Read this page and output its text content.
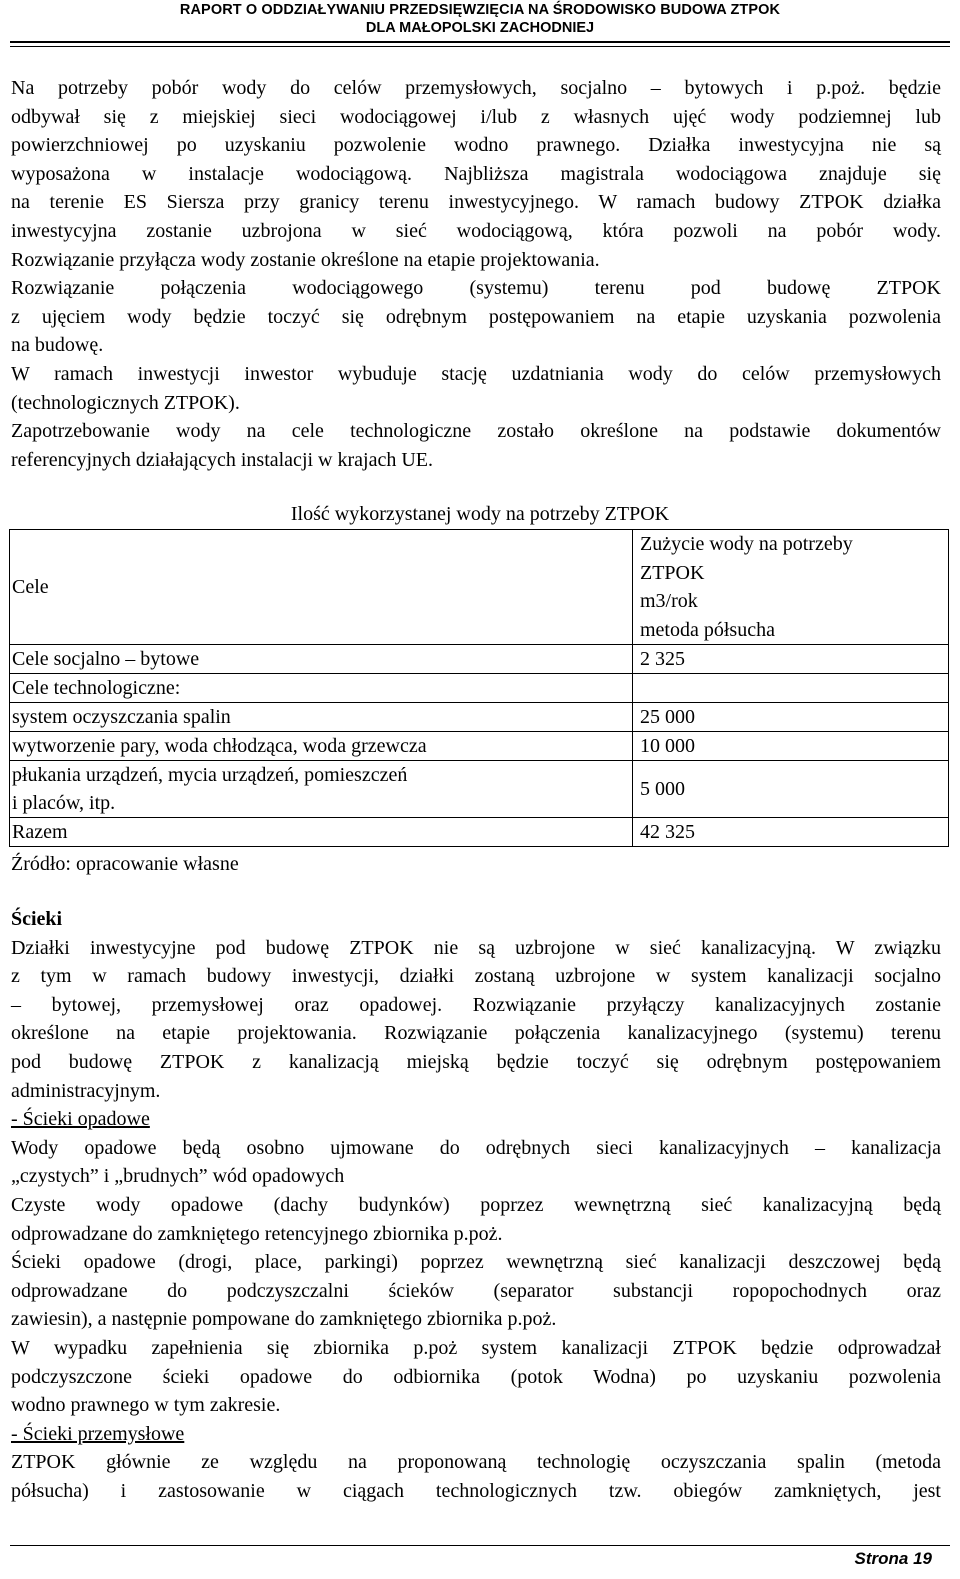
RAPORT O ODDZIAŁYWANIU PRZEDSIĘWZIĘCIA NA ŚRODOWISKO BUDOWA ZTPOK
DLA MAŁOPOLSKI ZACHODNIEJ
Na potrzeby pobór wody do celów przemysłowych, socjalno – bytowych i p.poż. będzie
odbywał się z miejskiej sieci wodociągowej i/lub z własnych ujęć wody podziemnej lub
powierzchniowej po uzyskaniu pozwolenie wodno prawnego. Działka inwestycyjna nie są
wyposażona w instalacje wodociągową. Najbliższa magistrala wodociągowa znajduje się
na terenie ES Siersza przy granicy terenu inwestycyjnego. W ramach budowy ZTPOK działka
inwestycyjna zostanie uzbrojona w sieć wodociągową, która pozwoli na pobór wody.
Rozwiązanie przyłącza wody zostanie określone na etapie projektowania.
Rozwiązanie połączenia wodociągowego (systemu) terenu pod budowę ZTPOK
z ujęciem wody będzie toczyć się odrębnym postępowaniem na etapie uzyskania pozwolenia
na budowę.
W ramach inwestycji inwestor wybuduje stację uzdatniania wody do celów przemysłowych
(technologicznych ZTPOK).
Zapotrzebowanie wody na cele technologiczne zostało określone na podstawie dokumentów
referencyjnych działających instalacji w krajach UE.
Ilość wykorzystanej wody na potrzeby ZTPOK
Cele	Zużycie wody na potrzeby
ZTPOK
m3/rok
metoda półsucha

Cele socjalno – bytowe	2 325
Cele technologiczne:	
system oczyszczania spalin	25 000
wytworzenie pary, woda chłodząca, woda grzewcza	10 000

płukania urządzeń, mycia urządzeń, pomieszczeń
i placów, itp.	5 000
Razem	42 325
Źródło: opracowanie własne
Ścieki
Działki inwestycyjne pod budowę ZTPOK nie są uzbrojone w sieć kanalizacyjną. W związku
z tym w ramach budowy inwestycji, działki zostaną uzbrojone w system kanalizacji socjalno
– bytowej, przemysłowej oraz opadowej. Rozwiązanie przyłączy kanalizacyjnych zostanie
określone na etapie projektowania. Rozwiązanie połączenia kanalizacyjnego (systemu) terenu
pod budowę ZTPOK z kanalizacją miejską będzie toczyć się odrębnym postępowaniem
administracyjnym.
- Ścieki opadowe
Wody opadowe będą osobno ujmowane do odrębnych sieci kanalizacyjnych – kanalizacja
„czystych” i „brudnych” wód opadowych
Czyste wody opadowe (dachy budynków) poprzez wewnętrzną sieć kanalizacyjną będą
odprowadzane do zamkniętego retencyjnego zbiornika p.poż.
Ścieki opadowe (drogi, place, parkingi) poprzez wewnętrzną sieć kanalizacji deszczowej będą
odprowadzane do podczyszczalni ścieków (separator substancji ropopochodnych oraz
zawiesin), a następnie pompowane do zamkniętego zbiornika p.poż.
W wypadku zapełnienia się zbiornika p.poż system kanalizacji ZTPOK będzie odprowadzał
podczyszczone ścieki opadowe do odbiornika (potok Wodna) po uzyskaniu pozwolenia
wodno prawnego w tym zakresie.
- Ścieki przemysłowe
ZTPOK głównie ze względu na proponowaną technologię oczyszczania spalin (metoda
półsucha) i zastosowanie w ciągach technologicznych tzw. obiegów zamkniętych, jest
Strona 19
